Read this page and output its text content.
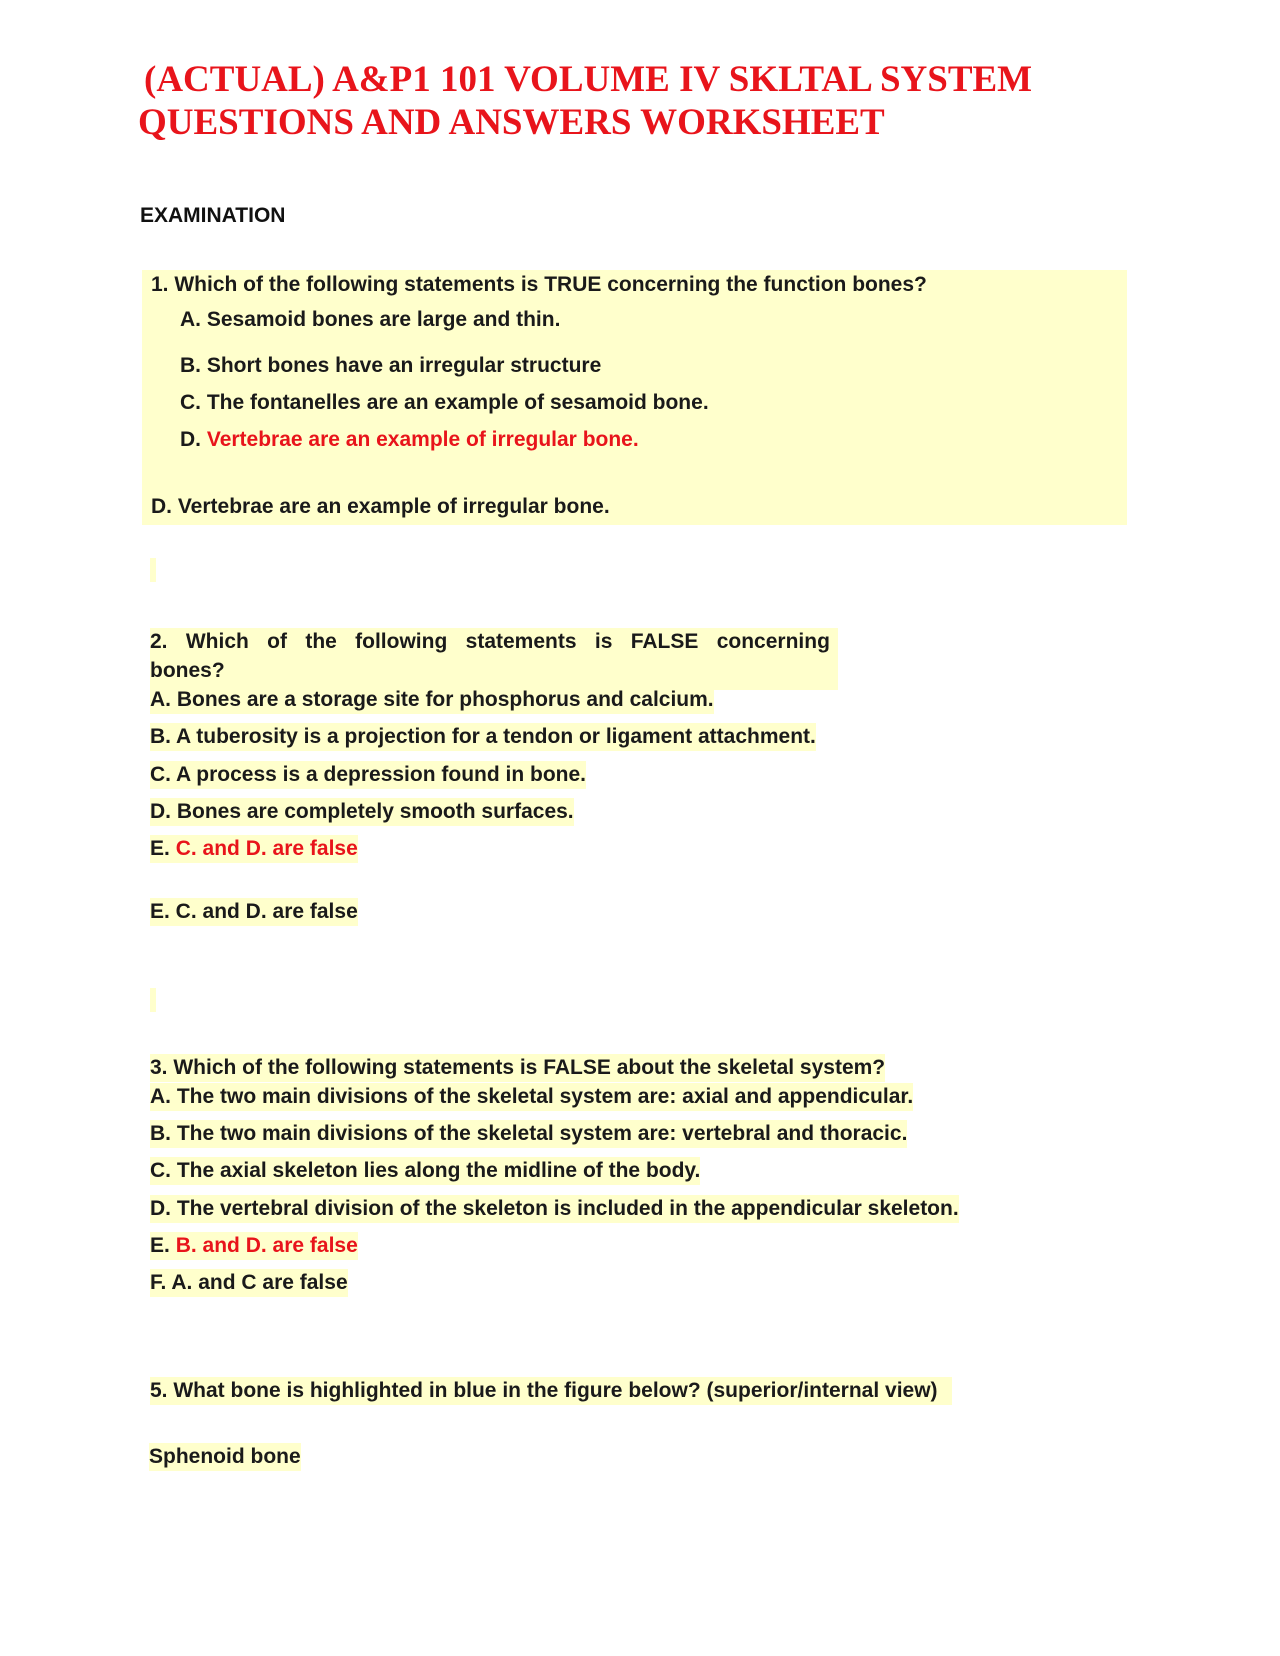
(ACTUAL) A&P1 101 VOLUME IV SKLTAL SYSTEM
QUESTIONS AND ANSWERS WORKSHEET
EXAMINATION
1. Which of the following statements is TRUE concerning the function bones?
A. Sesamoid bones are large and thin.
B. Short bones have an irregular structure
C. The fontanelles are an example of sesamoid bone.
D. Vertebrae are an example of irregular bone.
D. Vertebrae are an example of irregular bone.
2. Which of the following statements is FALSE concerning
bones?
A. Bones are a storage site for phosphorus and calcium.
B. A tuberosity is a projection for a tendon or ligament attachment.
C. A process is a depression found in bone.
D. Bones are completely smooth surfaces.
E. C. and D. are false
E. C. and D. are false
3. Which of the following statements is FALSE about the skeletal system?
A. The two main divisions of the skeletal system are: axial and appendicular.
B. The two main divisions of the skeletal system are: vertebral and thoracic.
C. The axial skeleton lies along the midline of the body.
D. The vertebral division of the skeleton is included in the appendicular skeleton.
E. B. and D. are false
F. A. and C are false
5. What bone is highlighted in blue in the figure below? (superior/internal view)
Sphenoid bone
